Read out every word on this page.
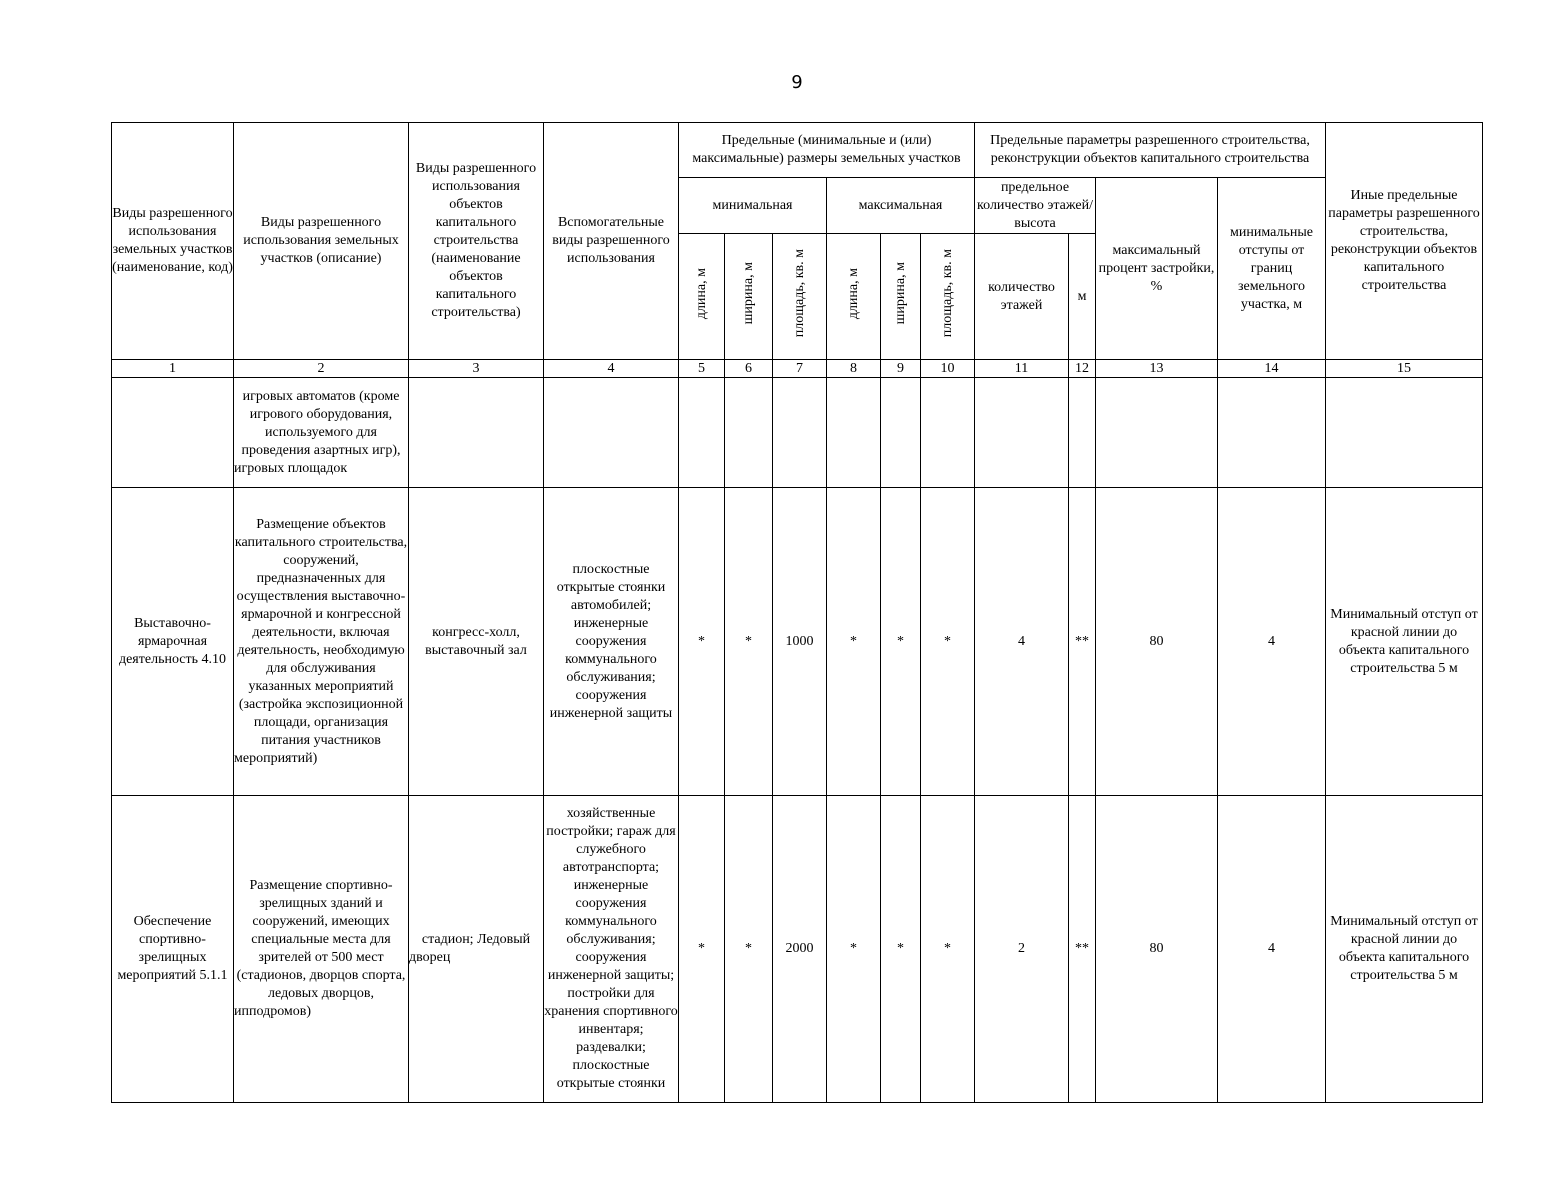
9
Виды разрешенного использования земельных участков (наименование, код)	Виды разрешенного использования земельных участков (описание)	Виды разрешенного использования объектов капитального строительства (наименование объектов капитального строительства)	Вспомогательные виды разрешенного использования	Предельные (минимальные и (или) максимальные) размеры земельных участков						Предельные параметры разрешенного строительства, реконструкции объектов капитального строительства				Иные предельные параметры разрешенного строительства, реконструкции объектов капитального строительства
				минимальная			максимальная			предельное количество этажей/высота		максимальный процент застройки, %	минимальные отступы от границ земельного участка, м	

				длина, м	ширина, м	площадь, кв. м	длина, м	ширина, м	площадь, кв. м	количество этажей	м			
1	2	3	4	5	6	7	8	9	10	11	12	13	14	15
	игровых автоматов (кроме игрового оборудования, используемого для проведения азартных игр), игровых площадок													
Выставочно-ярмарочная деятельность 4.10	Размещение объектов капитального строительства, сооружений, предназначенных для осуществления выставочно-ярмарочной и конгрессной деятельности, включая деятельность, необходимую для обслуживания указанных мероприятий (застройка экспозиционной площади, организация питания участников мероприятий)	конгресс-холл, выставочный зал	плоскостные открытые стоянки автомобилей; инженерные сооружения коммунального обслуживания; сооружения инженерной защиты	*	*	1000	*	*	*	4	**	80	4	Минимальный отступ от красной линии до объекта капитального строительства 5 м
Обеспечение спортивно-зрелищных мероприятий 5.1.1	Размещение спортивно-зрелищных зданий и сооружений, имеющих специальные места для зрителей от 500 мест (стадионов, дворцов спорта, ледовых дворцов, ипподромов)	стадион; Ледовый дворец	хозяйственные постройки; гараж для служебного автотранспорта; инженерные сооружения коммунального обслуживания; сооружения инженерной защиты; постройки для хранения спортивного инвентаря; раздевалки; плоскостные открытые стоянки	*	*	2000	*	*	*	2	**	80	4	Минимальный отступ от красной линии до объекта капитального строительства 5 м
